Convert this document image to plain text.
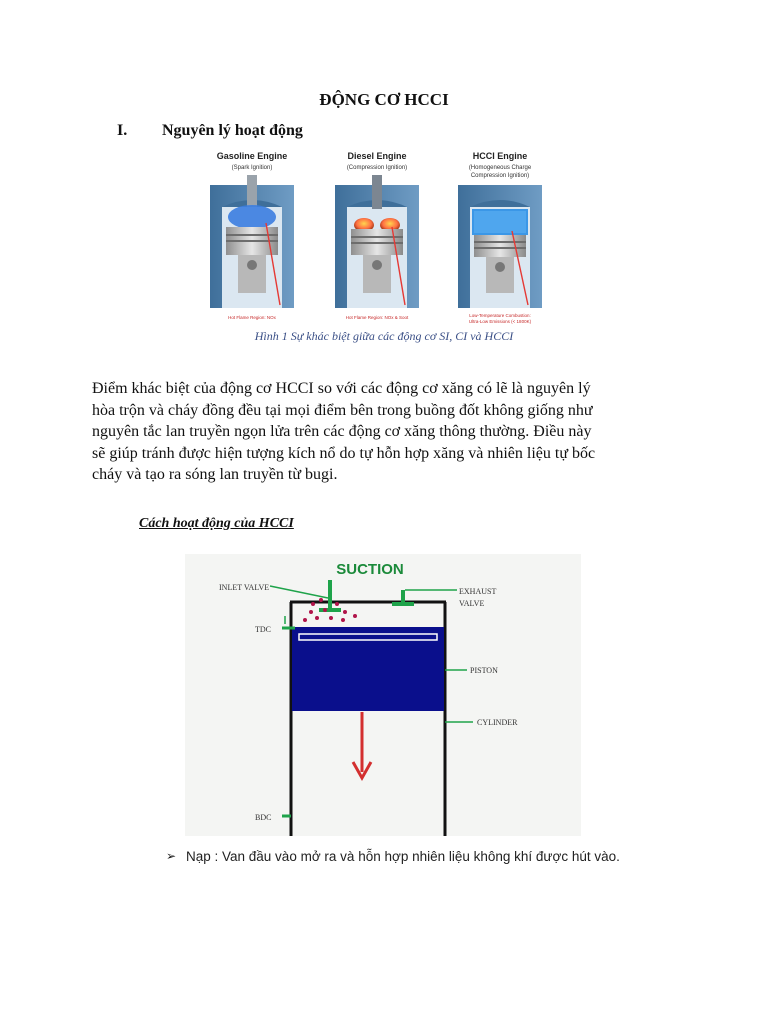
ĐỘNG CƠ HCCI
I. Nguyên lý hoạt động
Gasoline Engine
(Spark Ignition)
Hot Flame Region: NOx
Diesel Engine
(Compression Ignition)
Hot Flame Region: NOx & Soot
HCCI Engine
(Homogeneous Charge
Compression Ignition)
Low-Temperature Combustion:
Ultra-Low Emissions (< 1800K)
Hình 1 Sự khác biệt giữa các động cơ SI, CI và HCCI
Điểm khác biệt của động cơ HCCI so với các động cơ xăng có lẽ là nguyên lý
hòa trộn và cháy đồng đều tại mọi điểm bên trong buồng đốt không giống như
nguyên tắc lan truyền ngọn lửa trên các động cơ xăng thông thường. Điều này
sẽ giúp tránh được hiện tượng kích nổ do tự hỗn hợp xăng và nhiên liệu tự bốc
cháy và tạo ra sóng lan truyền từ bugi.
Cách hoạt động của HCCI
SUCTION
INLET VALVE	EXHAUST
VALVE
TDC
PISTON
CYLINDER
BDC
➢ Nạp : Van đầu vào mở ra và hỗn hợp nhiên liệu không khí được hút vào.
